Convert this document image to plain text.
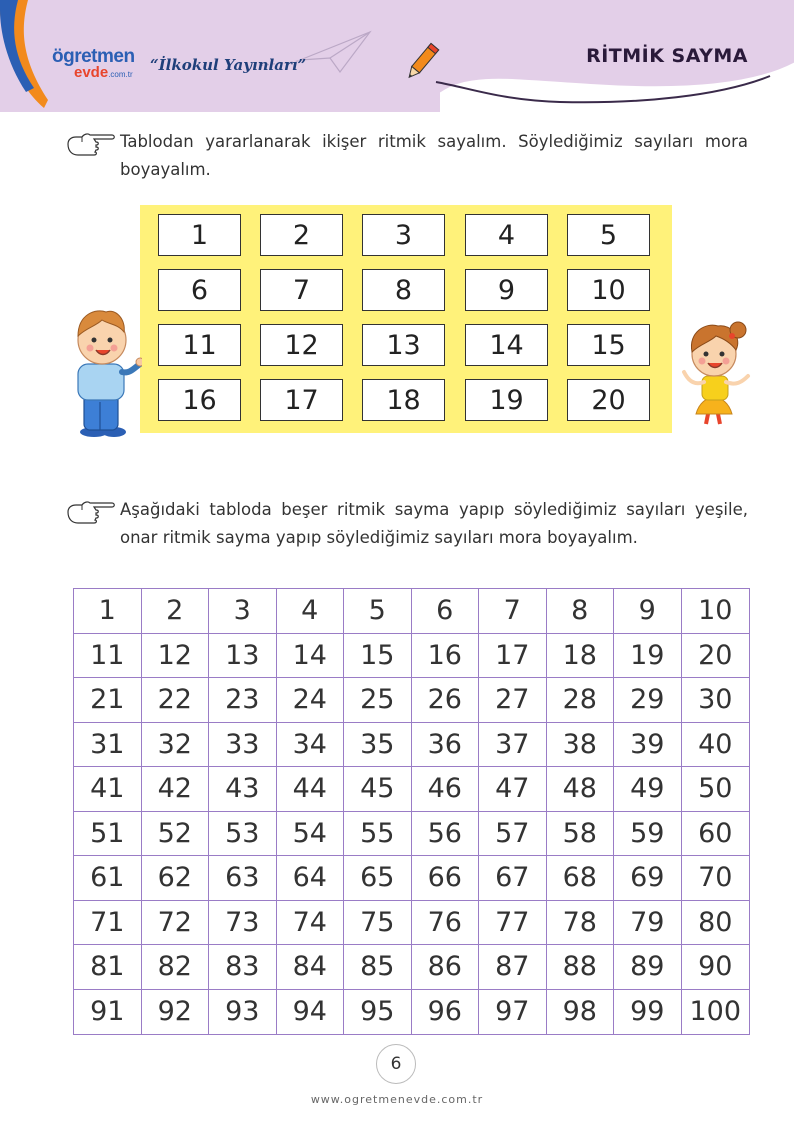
ögretmen
evde.com.tr
“İlkokul Yayınları”	RİTMİK SAYMA

Tablodan yararlanarak ikişer ritmik sayalım. Söylediğimiz sayıları mora boyayalım.

1	2	3	4	5
6	7	8	9	10
11	12	13	14	15
16	17	18	19	20

Aşağıdaki tabloda beşer ritmik sayma yapıp söylediğimiz sayıları yeşile, onar ritmik sayma yapıp söylediğimiz sayıları mora boyayalım.

1	2	3	4	5	6	7	8	9	10
11	12	13	14	15	16	17	18	19	20
21	22	23	24	25	26	27	28	29	30
31	32	33	34	35	36	37	38	39	40
41	42	43	44	45	46	47	48	49	50
51	52	53	54	55	56	57	58	59	60
61	62	63	64	65	66	67	68	69	70
71	72	73	74	75	76	77	78	79	80
81	82	83	84	85	86	87	88	89	90
91	92	93	94	95	96	97	98	99 100
6
www.ogretmenevde.com.tr
